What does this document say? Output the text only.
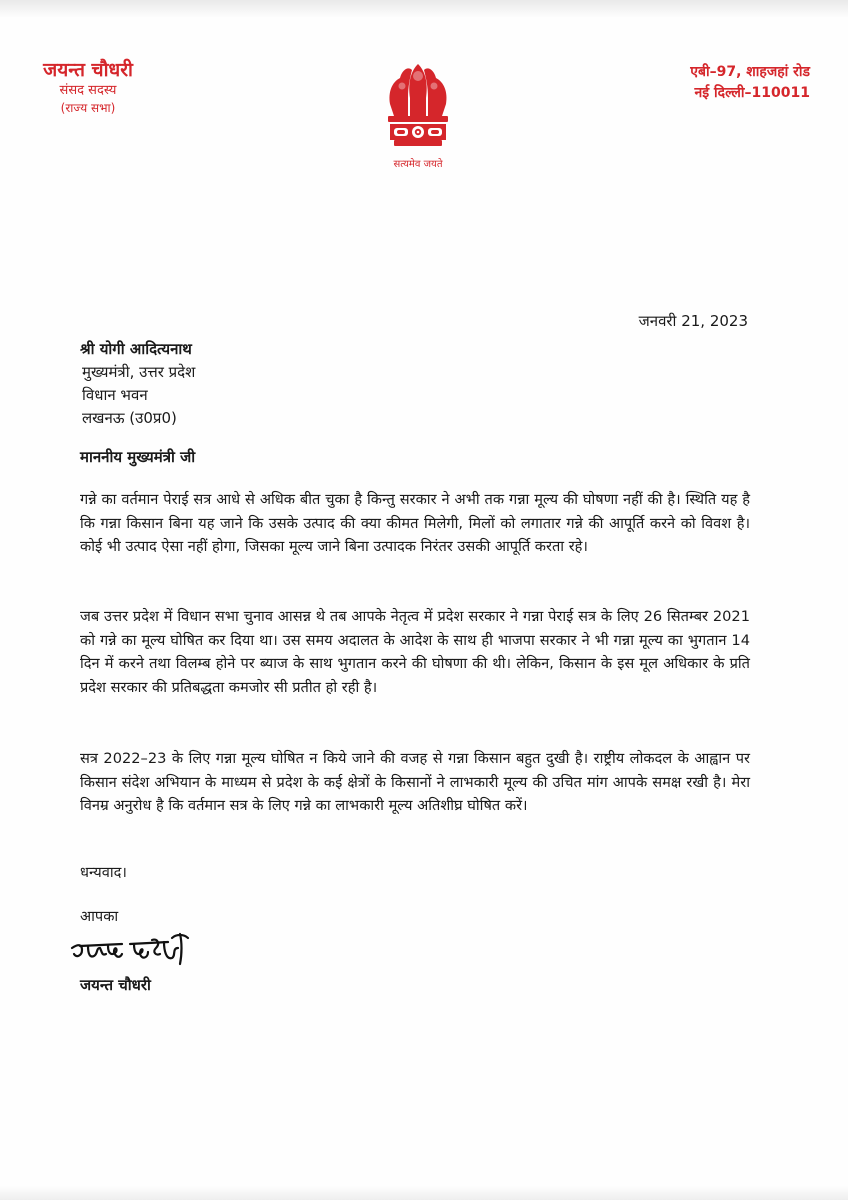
जयन्त चौधरी
संसद सदस्य
(राज्य सभा)
सत्यमेव जयते
एबी–97, शाहजहां रोड
नई दिल्ली–110011
जनवरी 21, 2023
श्री योगी आदित्यनाथ
मुख्यमंत्री, उत्तर प्रदेश
विधान भवन
लखनऊ (उ0प्र0)
माननीय मुख्यमंत्री जी
गन्ने का वर्तमान पेराई सत्र आधे से अधिक बीत चुका है किन्तु सरकार ने अभी तक गन्ना मूल्य की घोषणा नहीं की है। स्थिति यह है कि गन्ना किसान बिना यह जाने कि उसके उत्पाद की क्या कीमत मिलेगी, मिलों को लगातार गन्ने की आपूर्ति करने को विवश है। कोई भी उत्पाद ऐसा नहीं होगा, जिसका मूल्य जाने बिना उत्पादक निरंतर उसकी आपूर्ति करता रहे।
जब उत्तर प्रदेश में विधान सभा चुनाव आसन्न थे तब आपके नेतृत्व में प्रदेश सरकार ने गन्ना पेराई सत्र के लिए 26 सितम्बर 2021 को गन्ने का मूल्य घोषित कर दिया था। उस समय अदालत के आदेश के साथ ही भाजपा सरकार ने भी गन्ना मूल्य का भुगतान 14 दिन में करने तथा विलम्ब होने पर ब्याज के साथ भुगतान करने की घोषणा की थी। लेकिन, किसान के इस मूल अधिकार के प्रति प्रदेश सरकार की प्रतिबद्धता कमजोर सी प्रतीत हो रही है।
सत्र 2022–23 के लिए गन्ना मूल्य घोषित न किये जाने की वजह से गन्ना किसान बहुत दुखी है। राष्ट्रीय लोकदल के आह्वान पर किसान संदेश अभियान के माध्यम से प्रदेश के कई क्षेत्रों के किसानों ने लाभकारी मूल्य की उचित मांग आपके समक्ष रखी है। मेरा विनम्र अनुरोध है कि वर्तमान सत्र के लिए गन्ने का लाभकारी मूल्य अतिशीघ्र घोषित करें।
धन्यवाद।
आपका
जयन्त चौधरी
